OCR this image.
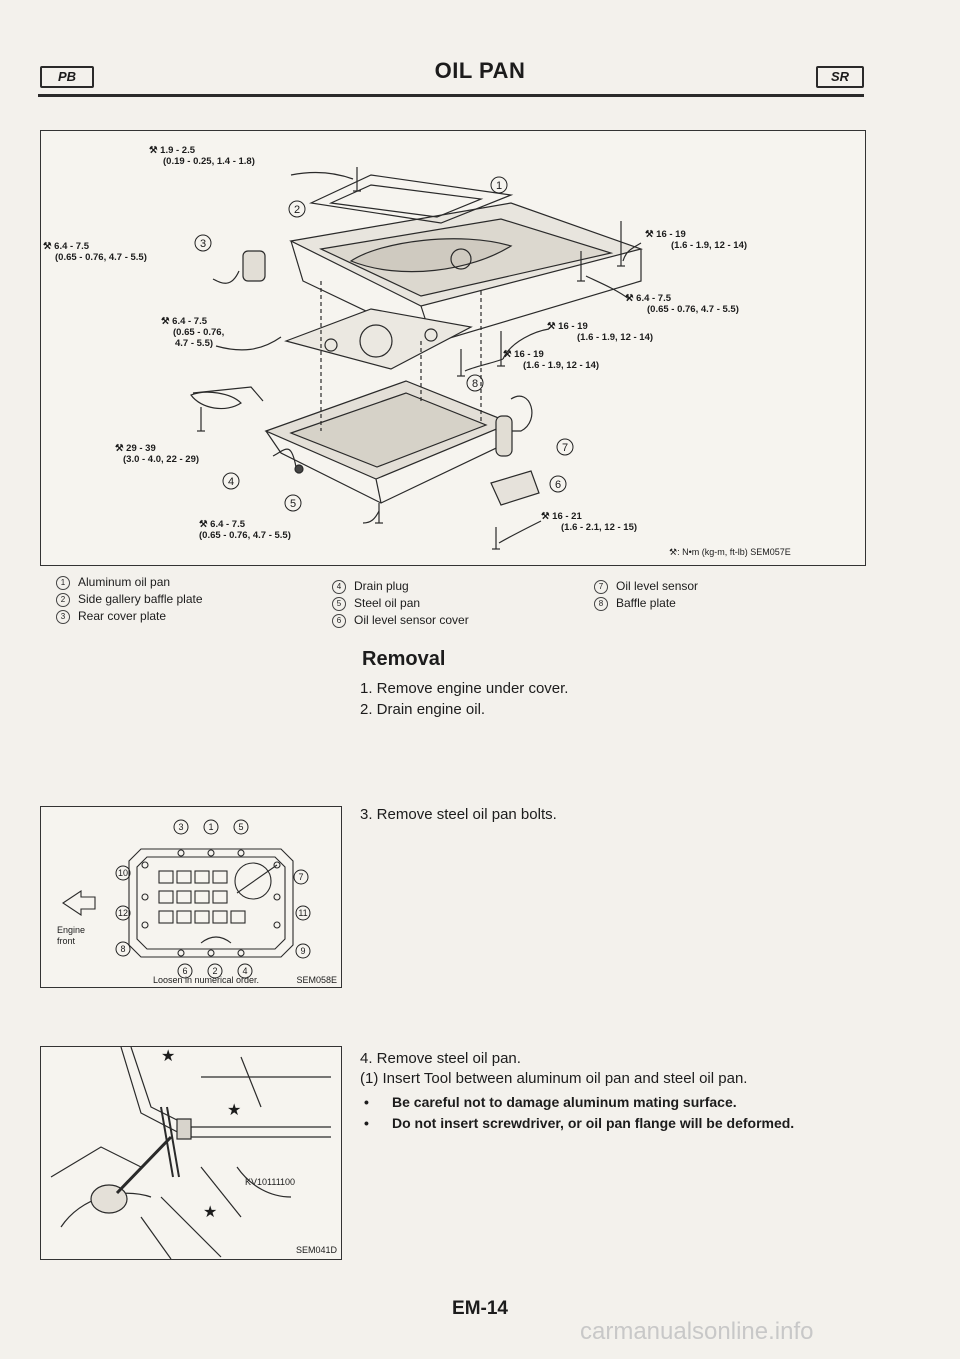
PB	OIL PAN	SR
1
2
3
4
5
6
7
8
⚒ 1.9 - 2.5
(0.19 - 0.25, 1.4 - 1.8)
⚒ 6.4 - 7.5
(0.65 - 0.76, 4.7 - 5.5)
⚒ 6.4 - 7.5
(0.65 - 0.76,
4.7 - 5.5)
⚒ 29 - 39
(3.0 - 4.0, 22 - 29)
⚒ 6.4 - 7.5
(0.65 - 0.76, 4.7 - 5.5)
⚒ 16 - 19
(1.6 - 1.9, 12 - 14)
⚒ 6.4 - 7.5
(0.65 - 0.76, 4.7 - 5.5)
⚒ 16 - 19
(1.6 - 1.9, 12 - 14)
⚒ 16 - 19
(1.6 - 1.9, 12 - 14)
⚒ 16 - 21
(1.6 - 2.1, 12 - 15)
⚒: N•m (kg-m, ft-lb) SEM057E
1 Aluminum oil pan
2 Side gallery baffle plate
3 Rear cover plate
4 Drain plug
5 Steel oil pan
6 Oil level sensor cover
7 Oil level sensor
8 Baffle plate
Removal
1. Remove engine under cover.
2. Drain engine oil.
3	1	5
10
12
8
7
11
9
6	2	4
Engine front
Loosen in numerical order.	SEM058E
3. Remove steel oil pan bolts.
★
★
★
KV10111100
SEM041D
4. Remove steel oil pan.
(1) Insert Tool between aluminum oil pan and steel oil pan.
• Be careful not to damage aluminum mating surface.
• Do not insert screwdriver, or oil pan flange will be deformed.
EM-14
carmanualsonline.info
